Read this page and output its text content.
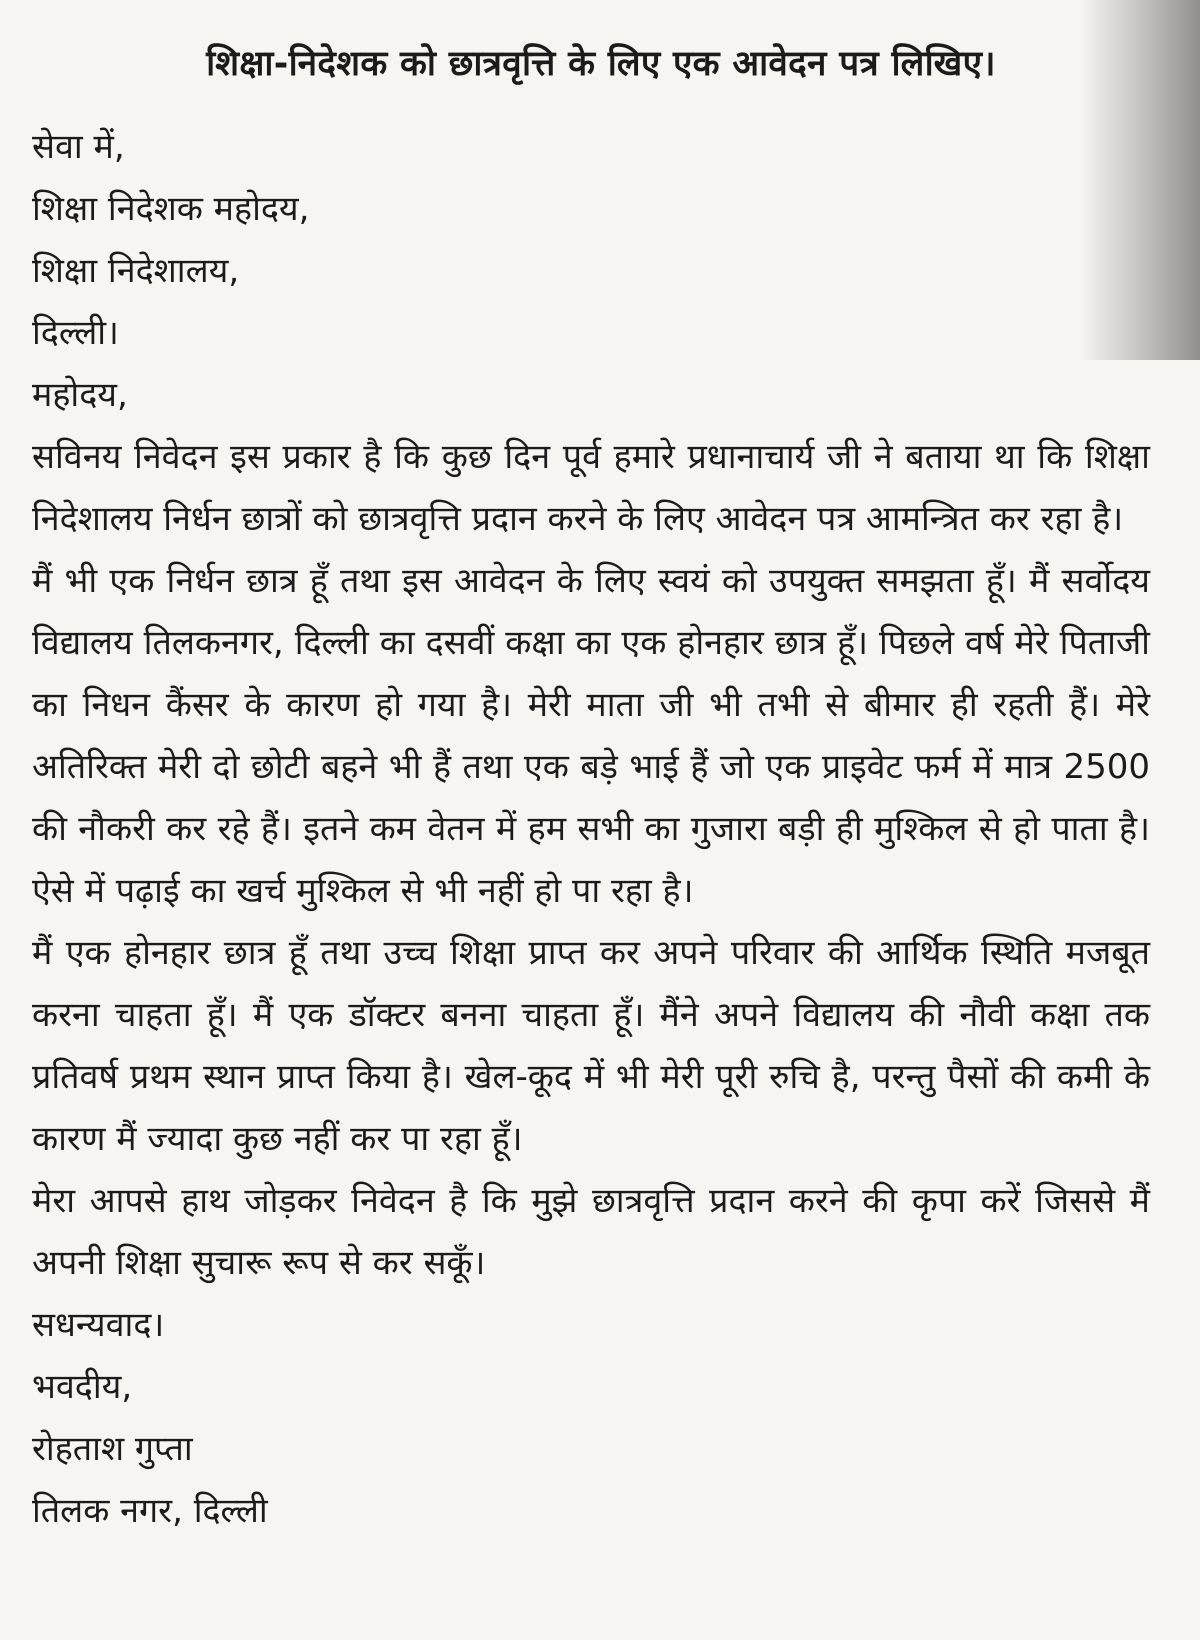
शिक्षा-निदेशक को छात्रवृत्ति के लिए एक आवेदन पत्र लिखिए।

सेवा में,

शिक्षा निदेशक महोदय,

शिक्षा निदेशालय,

दिल्ली।

महोदय,

सविनय निवेदन इस प्रकार है कि कुछ दिन पूर्व हमारे प्रधानाचार्य जी ने बताया था कि शिक्षा निदेशालय निर्धन छात्रों को छात्रवृत्ति प्रदान करने के लिए आवेदन पत्र आमन्त्रित कर रहा है।

मैं भी एक निर्धन छात्र हूँ तथा इस आवेदन के लिए स्वयं को उपयुक्त समझता हूँ। मैं सर्वोदय विद्यालय तिलकनगर, दिल्ली का दसवीं कक्षा का एक होनहार छात्र हूँ। पिछले वर्ष मेरे पिताजी का निधन कैंसर के कारण हो गया है। मेरी माता जी भी तभी से बीमार ही रहती हैं। मेरे अतिरिक्त मेरी दो छोटी बहने भी हैं तथा एक बड़े भाई हैं जो एक प्राइवेट फर्म में मात्र 2500 की नौकरी कर रहे हैं। इतने कम वेतन में हम सभी का गुजारा बड़ी ही मुश्किल से हो पाता है। ऐसे में पढ़ाई का खर्च मुश्किल से भी नहीं हो पा रहा है।

मैं एक होनहार छात्र हूँ तथा उच्च शिक्षा प्राप्त कर अपने परिवार की आर्थिक स्थिति मजबूत करना चाहता हूँ। मैं एक डॉक्टर बनना चाहता हूँ। मैंने अपने विद्यालय की नौवी कक्षा तक प्रतिवर्ष प्रथम स्थान प्राप्त किया है। खेल-कूद में भी मेरी पूरी रुचि है, परन्तु पैसों की कमी के कारण मैं ज्यादा कुछ नहीं कर पा रहा हूँ।

मेरा आपसे हाथ जोड़कर निवेदन है कि मुझे छात्रवृत्ति प्रदान करने की कृपा करें जिससे मैं अपनी शिक्षा सुचारू रूप से कर सकूँ।

सधन्यवाद।

भवदीय,

रोहताश गुप्ता

तिलक नगर, दिल्ली
